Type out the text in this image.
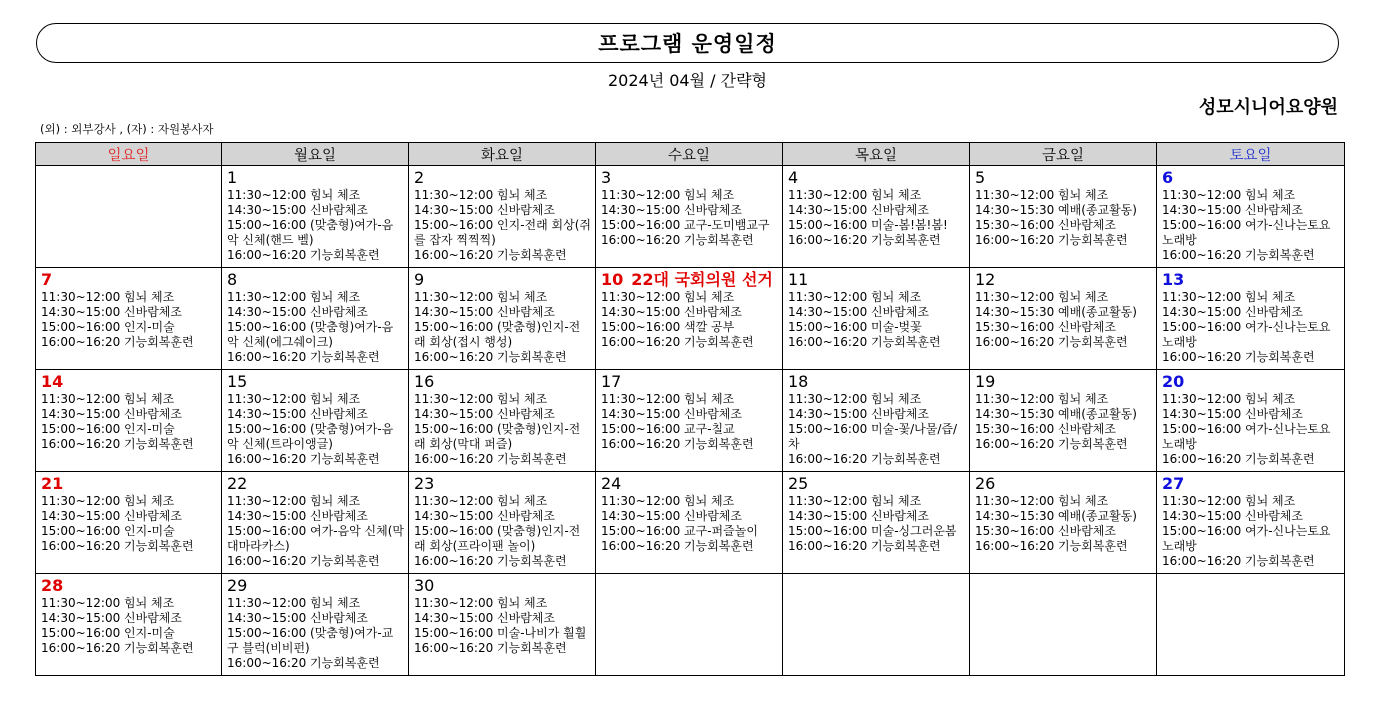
프로그램 운영일정
2024년 04월 / 간략형
성모시니어요양원
(외) : 외부강사 , (자) : 자원봉사자
일요일	월요일	화요일	수요일	목요일	금요일	토요일
	1
11:30~12:00 힘뇌 체조
14:30~15:00 신바람체조
15:00~16:00 (맞춤형)여가-음악 신체(핸드 벨)
16:00~16:20 기능회복훈련	2
11:30~12:00 힘뇌 체조
14:30~15:00 신바람체조
15:00~16:00 인지-전래 회상(쥐를 잡자 찍찍찍)
16:00~16:20 기능회복훈련	3
11:30~12:00 힘뇌 체조
14:30~15:00 신바람체조
15:00~16:00 교구-도미뱀교구
16:00~16:20 기능회복훈련	4
11:30~12:00 힘뇌 체조
14:30~15:00 신바람체조
15:00~16:00 미술-봄!봄!봄!
16:00~16:20 기능회복훈련	5
11:30~12:00 힘뇌 체조
14:30~15:30 예배(종교활동)
15:30~16:00 신바람체조
16:00~16:20 기능회복훈련	6
11:30~12:00 힘뇌 체조
14:30~15:00 신바람체조
15:00~16:00 여가-신나는토요노래방
16:00~16:20 기능회복훈련

7
11:30~12:00 힘뇌 체조
14:30~15:00 신바람체조
15:00~16:00 인지-미술
16:00~16:20 기능회복훈련	8
11:30~12:00 힘뇌 체조
14:30~15:00 신바람체조
15:00~16:00 (맞춤형)여가-음악 신체(에그쉐이크)
16:00~16:20 기능회복훈련	9
11:30~12:00 힘뇌 체조
14:30~15:00 신바람체조
15:00~16:00 (맞춤형)인지-전래 회상(접시 행성)
16:00~16:20 기능회복훈련	10 22대 국회의원 선거
11:30~12:00 힘뇌 체조
14:30~15:00 신바람체조
15:00~16:00 색깔 공부
16:00~16:20 기능회복훈련	11
11:30~12:00 힘뇌 체조
14:30~15:00 신바람체조
15:00~16:00 미술-벚꽃
16:00~16:20 기능회복훈련	12
11:30~12:00 힘뇌 체조
14:30~15:30 예배(종교활동)
15:30~16:00 신바람체조
16:00~16:20 기능회복훈련	13
11:30~12:00 힘뇌 체조
14:30~15:00 신바람체조
15:00~16:00 여가-신나는토요노래방
16:00~16:20 기능회복훈련

14
11:30~12:00 힘뇌 체조
14:30~15:00 신바람체조
15:00~16:00 인지-미술
16:00~16:20 기능회복훈련	15
11:30~12:00 힘뇌 체조
14:30~15:00 신바람체조
15:00~16:00 (맞춤형)여가-음악 신체(트라이앵글)
16:00~16:20 기능회복훈련	16
11:30~12:00 힘뇌 체조
14:30~15:00 신바람체조
15:00~16:00 (맞춤형)인지-전래 회상(막대 퍼즐)
16:00~16:20 기능회복훈련	17
11:30~12:00 힘뇌 체조
14:30~15:00 신바람체조
15:00~16:00 교구-칠교
16:00~16:20 기능회복훈련	18
11:30~12:00 힘뇌 체조
14:30~15:00 신바람체조
15:00~16:00 미술-꽃/나물/즙/차
16:00~16:20 기능회복훈련	19
11:30~12:00 힘뇌 체조
14:30~15:30 예배(종교활동)
15:30~16:00 신바람체조
16:00~16:20 기능회복훈련	20
11:30~12:00 힘뇌 체조
14:30~15:00 신바람체조
15:00~16:00 여가-신나는토요노래방
16:00~16:20 기능회복훈련

21
11:30~12:00 힘뇌 체조
14:30~15:00 신바람체조
15:00~16:00 인지-미술
16:00~16:20 기능회복훈련	22
11:30~12:00 힘뇌 체조
14:30~15:00 신바람체조
15:00~16:00 여가-음악 신체(막대마라카스)
16:00~16:20 기능회복훈련	23
11:30~12:00 힘뇌 체조
14:30~15:00 신바람체조
15:00~16:00 (맞춤형)인지-전래 회상(프라이팬 놀이)
16:00~16:20 기능회복훈련	24
11:30~12:00 힘뇌 체조
14:30~15:00 신바람체조
15:00~16:00 교구-퍼즐놀이
16:00~16:20 기능회복훈련	25
11:30~12:00 힘뇌 체조
14:30~15:00 신바람체조
15:00~16:00 미술-싱그러운봄
16:00~16:20 기능회복훈련	26
11:30~12:00 힘뇌 체조
14:30~15:30 예배(종교활동)
15:30~16:00 신바람체조
16:00~16:20 기능회복훈련	27
11:30~12:00 힘뇌 체조
14:30~15:00 신바람체조
15:00~16:00 여가-신나는토요노래방
16:00~16:20 기능회복훈련

28
11:30~12:00 힘뇌 체조
14:30~15:00 신바람체조
15:00~16:00 인지-미술
16:00~16:20 기능회복훈련	29
11:30~12:00 힘뇌 체조
14:30~15:00 신바람체조
15:00~16:00 (맞춤형)여가-교구 블럭(비비펀)
16:00~16:20 기능회복훈련	30
11:30~12:00 힘뇌 체조
14:30~15:00 신바람체조
15:00~16:00 미술-나비가 훨훨
16:00~16:20 기능회복훈련				
